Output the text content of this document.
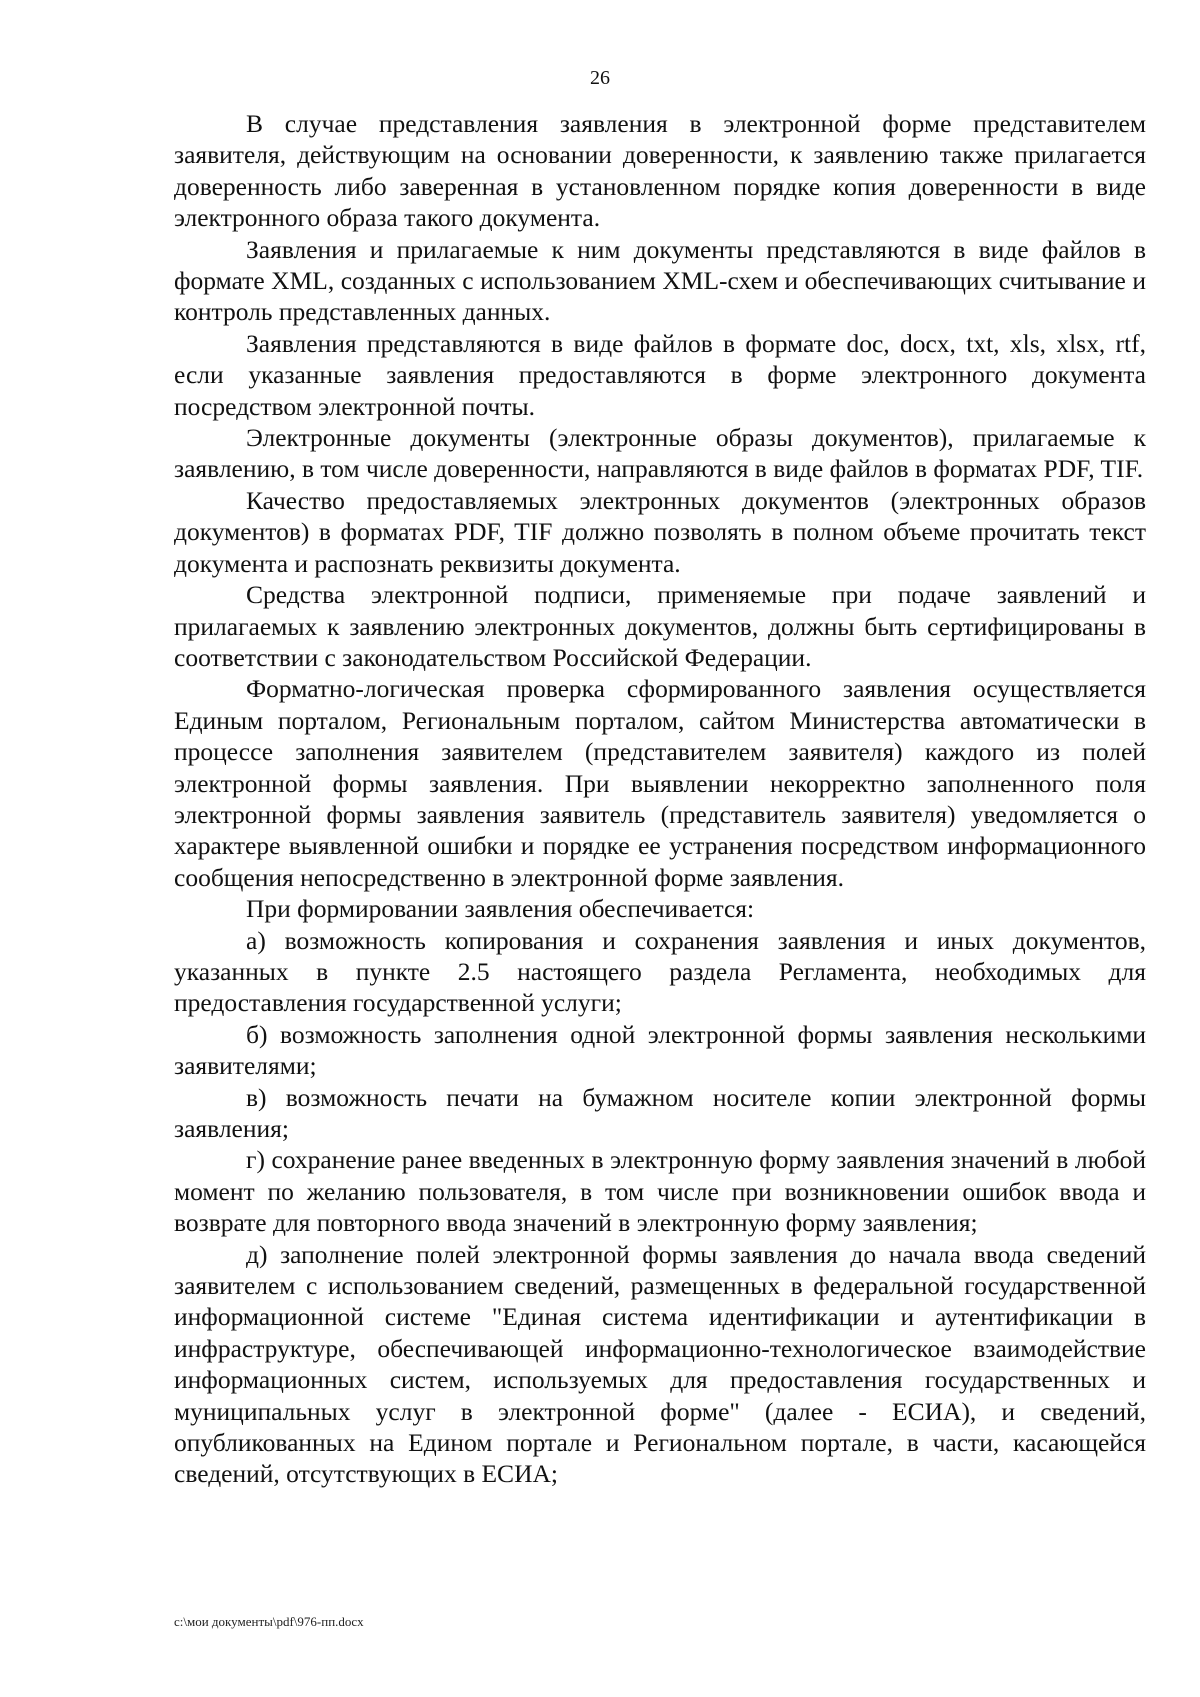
26

В случае представления заявления в электронной форме представителем заявителя, действующим на основании доверенности, к заявлению также прилагается доверенность либо заверенная в установленном порядке копия доверенности в виде электронного образа такого документа.

Заявления и прилагаемые к ним документы представляются в виде файлов в формате XML, созданных с использованием XML-схем и обеспечивающих считывание и контроль представленных данных.

Заявления представляются в виде файлов в формате doc, docx, txt, xls, xlsx, rtf, если указанные заявления предоставляются в форме электронного документа посредством электронной почты.

Электронные документы (электронные образы документов), прилагаемые к заявлению, в том числе доверенности, направляются в виде файлов в форматах PDF, TIF.

Качество предоставляемых электронных документов (электронных образов документов) в форматах PDF, TIF должно позволять в полном объеме прочитать текст документа и распознать реквизиты документа.

Средства электронной подписи, применяемые при подаче заявлений и прилагаемых к заявлению электронных документов, должны быть сертифицированы в соответствии с законодательством Российской Федерации.

Форматно-логическая проверка сформированного заявления осуществляется Единым порталом, Региональным порталом, сайтом Министерства автоматически в процессе заполнения заявителем (представителем заявителя) каждого из полей электронной формы заявления. При выявлении некорректно заполненного поля электронной формы заявления заявитель (представитель заявителя) уведомляется о характере выявленной ошибки и порядке ее устранения посредством информационного сообщения непосредственно в электронной форме заявления.

При формировании заявления обеспечивается:

а) возможность копирования и сохранения заявления и иных документов, указанных в пункте 2.5 настоящего раздела Регламента, необходимых для предоставления государственной услуги;

б) возможность заполнения одной электронной формы заявления несколькими заявителями;

в) возможность печати на бумажном носителе копии электронной формы заявления;

г) сохранение ранее введенных в электронную форму заявления значений в любой момент по желанию пользователя, в том числе при возникновении ошибок ввода и возврате для повторного ввода значений в электронную форму заявления;

д) заполнение полей электронной формы заявления до начала ввода сведений заявителем с использованием сведений, размещенных в федеральной государственной информационной системе "Единая система идентификации и аутентификации в инфраструктуре, обеспечивающей информационно-технологическое взаимодействие информационных систем, используемых для предоставления государственных и муниципальных услуг в электронной форме" (далее - ЕСИА), и сведений, опубликованных на Едином портале и Региональном портале, в части, касающейся сведений, отсутствующих в ЕСИА;

c:\мои документы\pdf\976-пп.docx
